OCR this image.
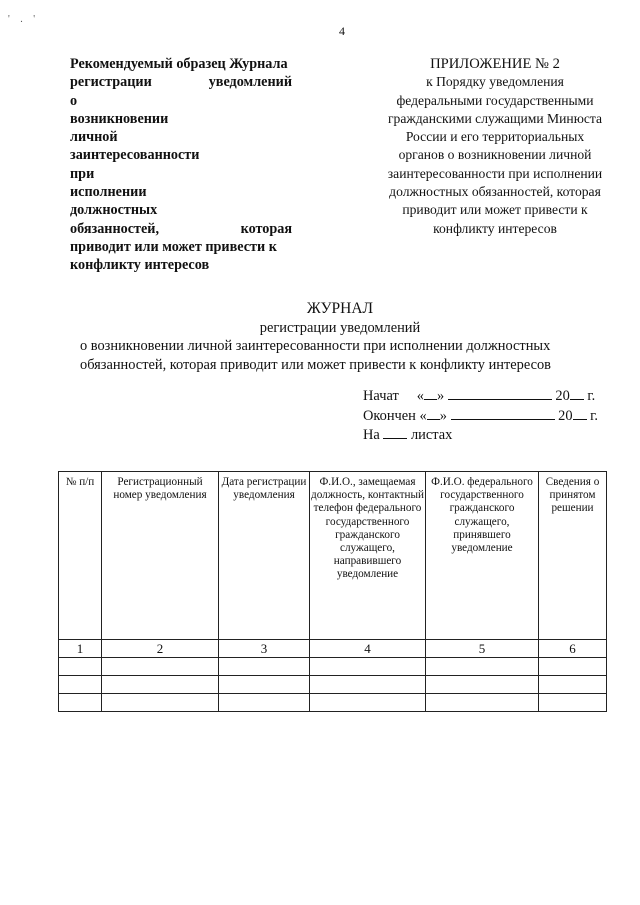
' . '
4
Рекомендуемый образец Журнала
регистрации уведомлений о
возникновении личной
заинтересованности при
исполнении должностных
обязанностей, которая
приводит или может привести к
конфликту интересов
ПРИЛОЖЕНИЕ № 2
к Порядку уведомления
федеральными государственными
гражданскими служащими Минюста
России и его территориальных
органов о возникновении личной
заинтересованности при исполнении
должностных обязанностей, которая
приводит или может привести к
конфликту интересов
ЖУРНАЛ
регистрации уведомлений
о возникновении личной заинтересованности при исполнении должностных
обязанностей, которая приводит или может привести к конфликту интересов
Начат « »	20 г.
Окончен « »	20 г.
На листах
№ п/п	Регистрационный номер уведомления	Дата регистрации уведомления	Ф.И.О., замещаемая должность, контактный телефон федерального государственного гражданского служащего, направившего уведомление	Ф.И.О. федерального государственного гражданского служащего, принявшего уведомление	Сведения о принятом решении
1	2	3	4	5	6
